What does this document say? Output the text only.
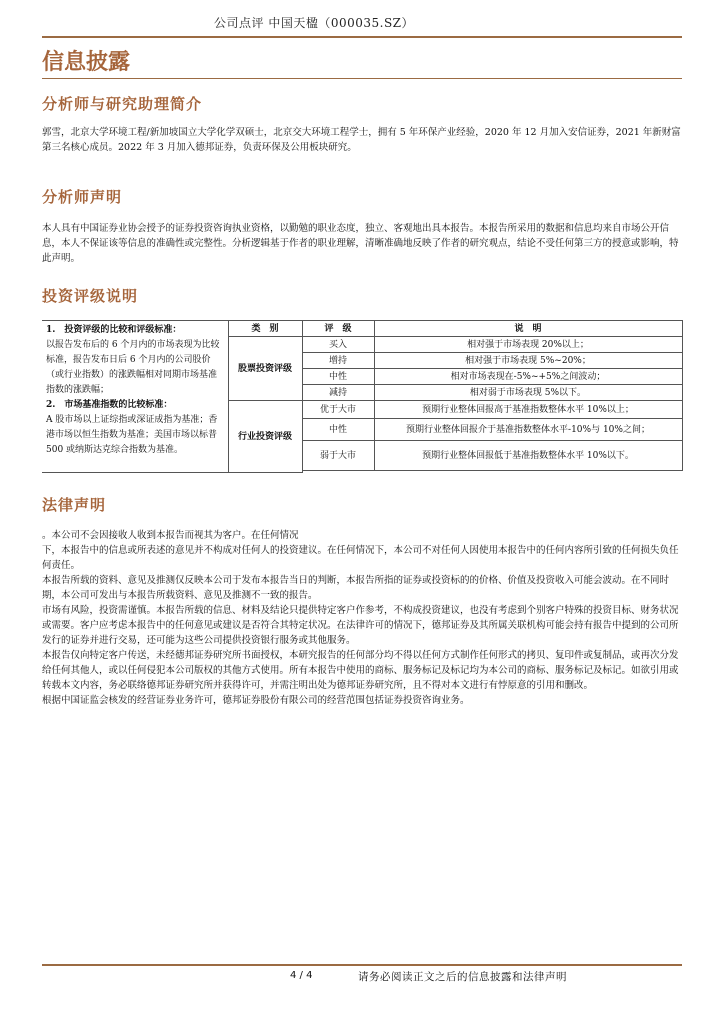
公司点评 中国天楹（000035.SZ）
信息披露
分析师与研究助理简介

郭雪，北京大学环境工程/新加坡国立大学化学双硕士，北京交大环境工程学士，拥有 5 年环保产业经验，2020 年 12 月加入安信证券，2021 年新财富第三名核心成员。2022 年 3 月加入德邦证券，负责环保及公用板块研究。

分析师声明

本人具有中国证券业协会授予的证券投资咨询执业资格，以勤勉的职业态度，独立、客观地出具本报告。本报告所采用的数据和信息均来自市场公开信息，本人不保证该等信息的准确性或完整性。分析逻辑基于作者的职业理解，清晰准确地反映了作者的研究观点，结论不受任何第三方的授意或影响，特此声明。

投资评级说明
1.　投资评级的比较和评级标准：
以报告发布后的 6 个月内的市场表现为比较标准，报告发布日后 6 个月内的公司股价（或行业指数）的涨跌幅相对同期市场基准指数的涨跌幅；
2.　市场基准指数的比较标准：
A 股市场以上证综指或深证成指为基准；香港市场以恒生指数为基准；美国市场以标普 500 或纳斯达克综合指数为基准。	类　别	评　级	说　明
	股票投资评级	买入	相对强于市场表现 20%以上；
		增持	相对强于市场表现 5%~20%；
		中性	相对市场表现在-5%~+5%之间波动；
		减持	相对弱于市场表现 5%以下。
	行业投资评级	优于大市	预期行业整体回报高于基准指数整体水平 10%以上；
		中性	预期行业整体回报介于基准指数整体水平-10%与 10%之间；
		弱于大市	预期行业整体回报低于基准指数整体水平 10%以下。

法律声明

。本公司不会因接收人收到本报告而视其为客户。在任何情况

下，本报告中的信息或所表述的意见并不构成对任何人的投资建议。在任何情况下，本公司不对任何人因使用本报告中的任何内容所引致的任何损失负任何责任。

本报告所载的资料、意见及推测仅反映本公司于发布本报告当日的判断，本报告所指的证券或投资标的的价格、价值及投资收入可能会波动。在不同时期，本公司可发出与本报告所载资料、意见及推测不一致的报告。

市场有风险，投资需谨慎。本报告所载的信息、材料及结论只提供特定客户作参考，不构成投资建议，也没有考虑到个别客户特殊的投资目标、财务状况或需要。客户应考虑本报告中的任何意见或建议是否符合其特定状况。在法律许可的情况下，德邦证券及其所属关联机构可能会持有报告中提到的公司所发行的证券并进行交易，还可能为这些公司提供投资银行服务或其他服务。

本报告仅向特定客户传送，未经德邦证券研究所书面授权，本研究报告的任何部分均不得以任何方式制作任何形式的拷贝、复印件或复制品，或再次分发给任何其他人，或以任何侵犯本公司版权的其他方式使用。所有本报告中使用的商标、服务标记及标记均为本公司的商标、服务标记及标记。如欲引用或转载本文内容，务必联络德邦证券研究所并获得许可，并需注明出处为德邦证券研究所，且不得对本文进行有悖原意的引用和删改。

根据中国证监会核发的经营证券业务许可，德邦证券股份有限公司的经营范围包括证券投资咨询业务。

4 / 4	请务必阅读正文之后的信息披露和法律声明
